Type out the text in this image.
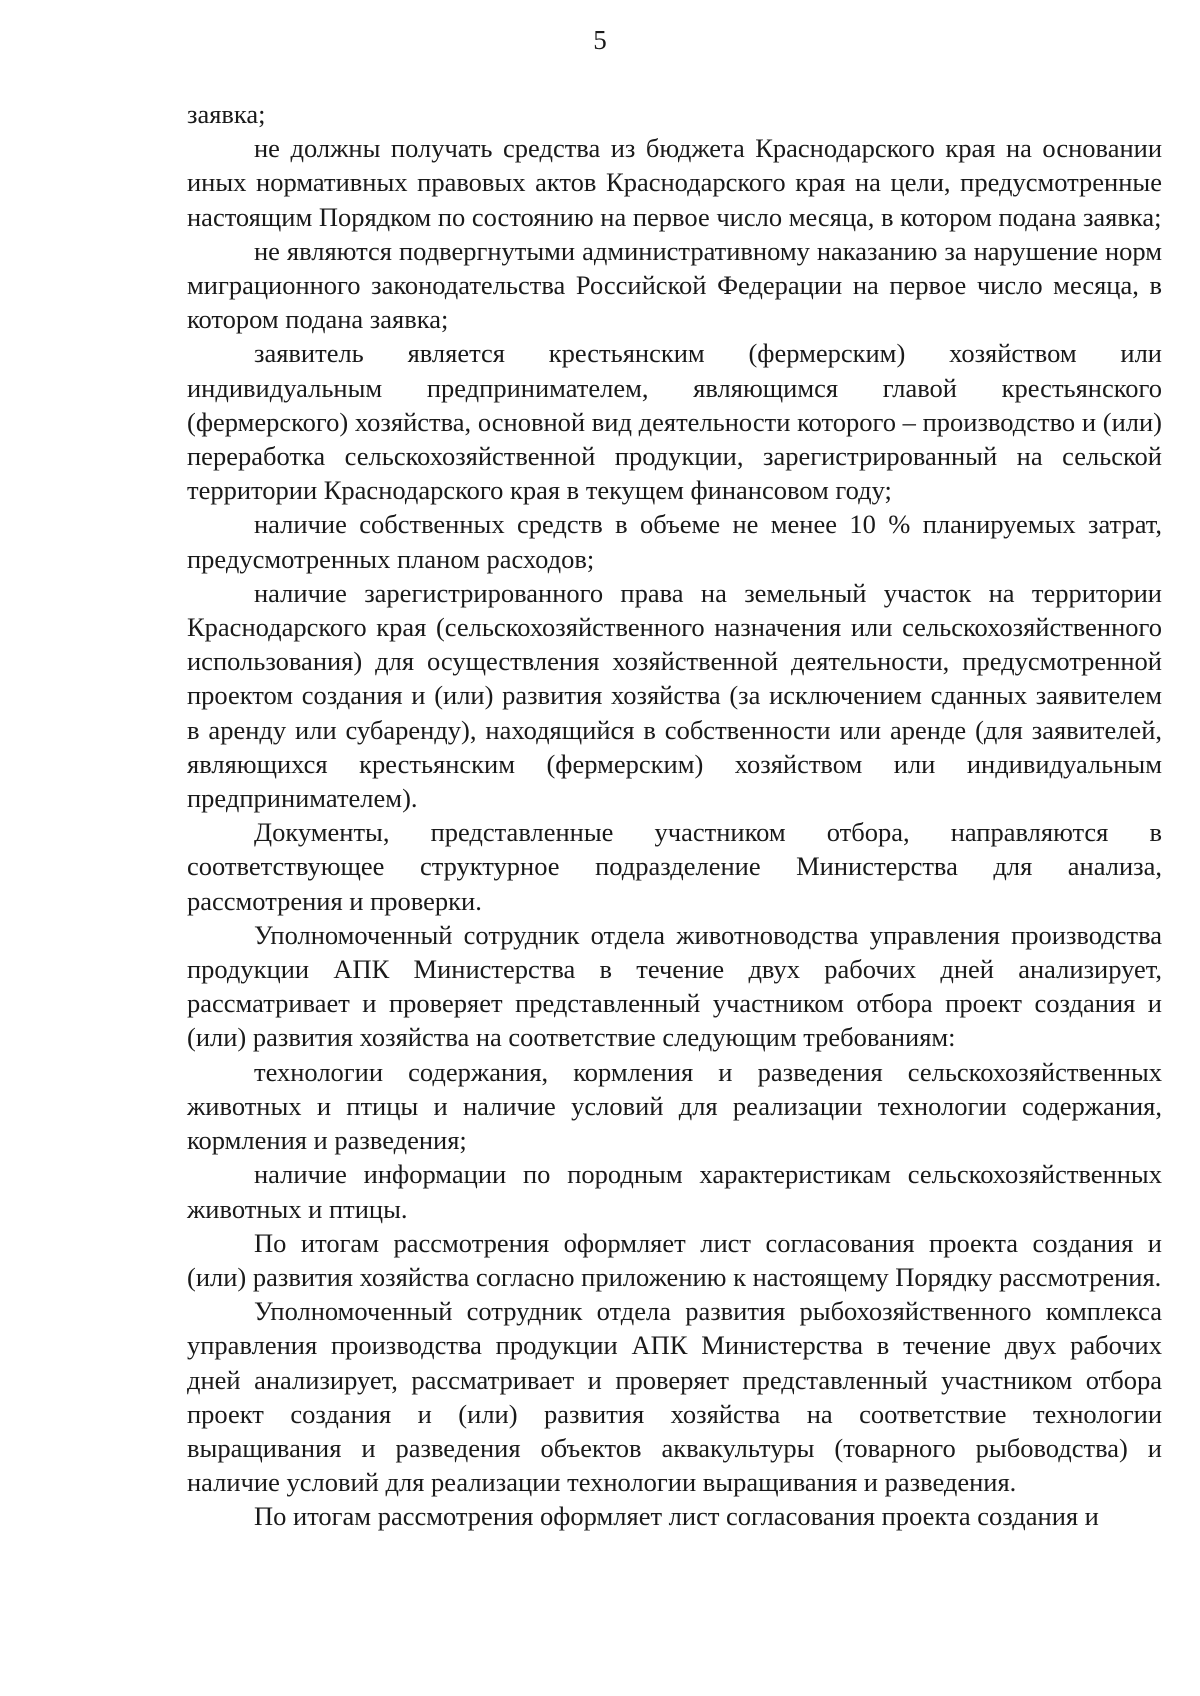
5

заявка;

не должны получать средства из бюджета Краснодарского края на основании иных нормативных правовых актов Краснодарского края на цели, предусмотренные настоящим Порядком по состоянию на первое число месяца, в котором подана заявка;

не являются подвергнутыми административному наказанию за нарушение норм миграционного законодательства Российской Федерации на первое число месяца, в котором подана заявка;

заявитель является крестьянским (фермерским) хозяйством или индивидуальным предпринимателем, являющимся главой крестьянского (фермерского) хозяйства, основной вид деятельности которого – производство и (или) переработка сельскохозяйственной продукции, зарегистрированный на сельской территории Краснодарского края в текущем финансовом году;

наличие собственных средств в объеме не менее 10 % планируемых затрат, предусмотренных планом расходов;

наличие зарегистрированного права на земельный участок на территории Краснодарского края (сельскохозяйственного назначения или сельскохозяйственного использования) для осуществления хозяйственной деятельности, предусмотренной проектом создания и (или) развития хозяйства (за исключением сданных заявителем в аренду или субаренду), находящийся в собственности или аренде (для заявителей, являющихся крестьянским (фермерским) хозяйством или индивидуальным предпринимателем).

Документы, представленные участником отбора, направляются в соответствующее структурное подразделение Министерства для анализа, рассмотрения и проверки.

Уполномоченный сотрудник отдела животноводства управления производства продукции АПК Министерства в течение двух рабочих дней анализирует, рассматривает и проверяет представленный участником отбора проект создания и (или) развития хозяйства на соответствие следующим требованиям:

технологии содержания, кормления и разведения сельскохозяйственных животных и птицы и наличие условий для реализации технологии содержания, кормления и разведения;

наличие информации по породным характеристикам сельскохозяйственных животных и птицы.

По итогам рассмотрения оформляет лист согласования проекта создания и (или) развития хозяйства согласно приложению к настоящему Порядку рассмотрения.

Уполномоченный сотрудник отдела развития рыбохозяйственного комплекса управления производства продукции АПК Министерства в течение двух рабочих дней анализирует, рассматривает и проверяет представленный участником отбора проект создания и (или) развития хозяйства на соответствие технологии выращивания и разведения объектов аквакультуры (товарного рыбоводства) и наличие условий для реализации технологии выращивания и разведения.

По итогам рассмотрения оформляет лист согласования проекта создания и
